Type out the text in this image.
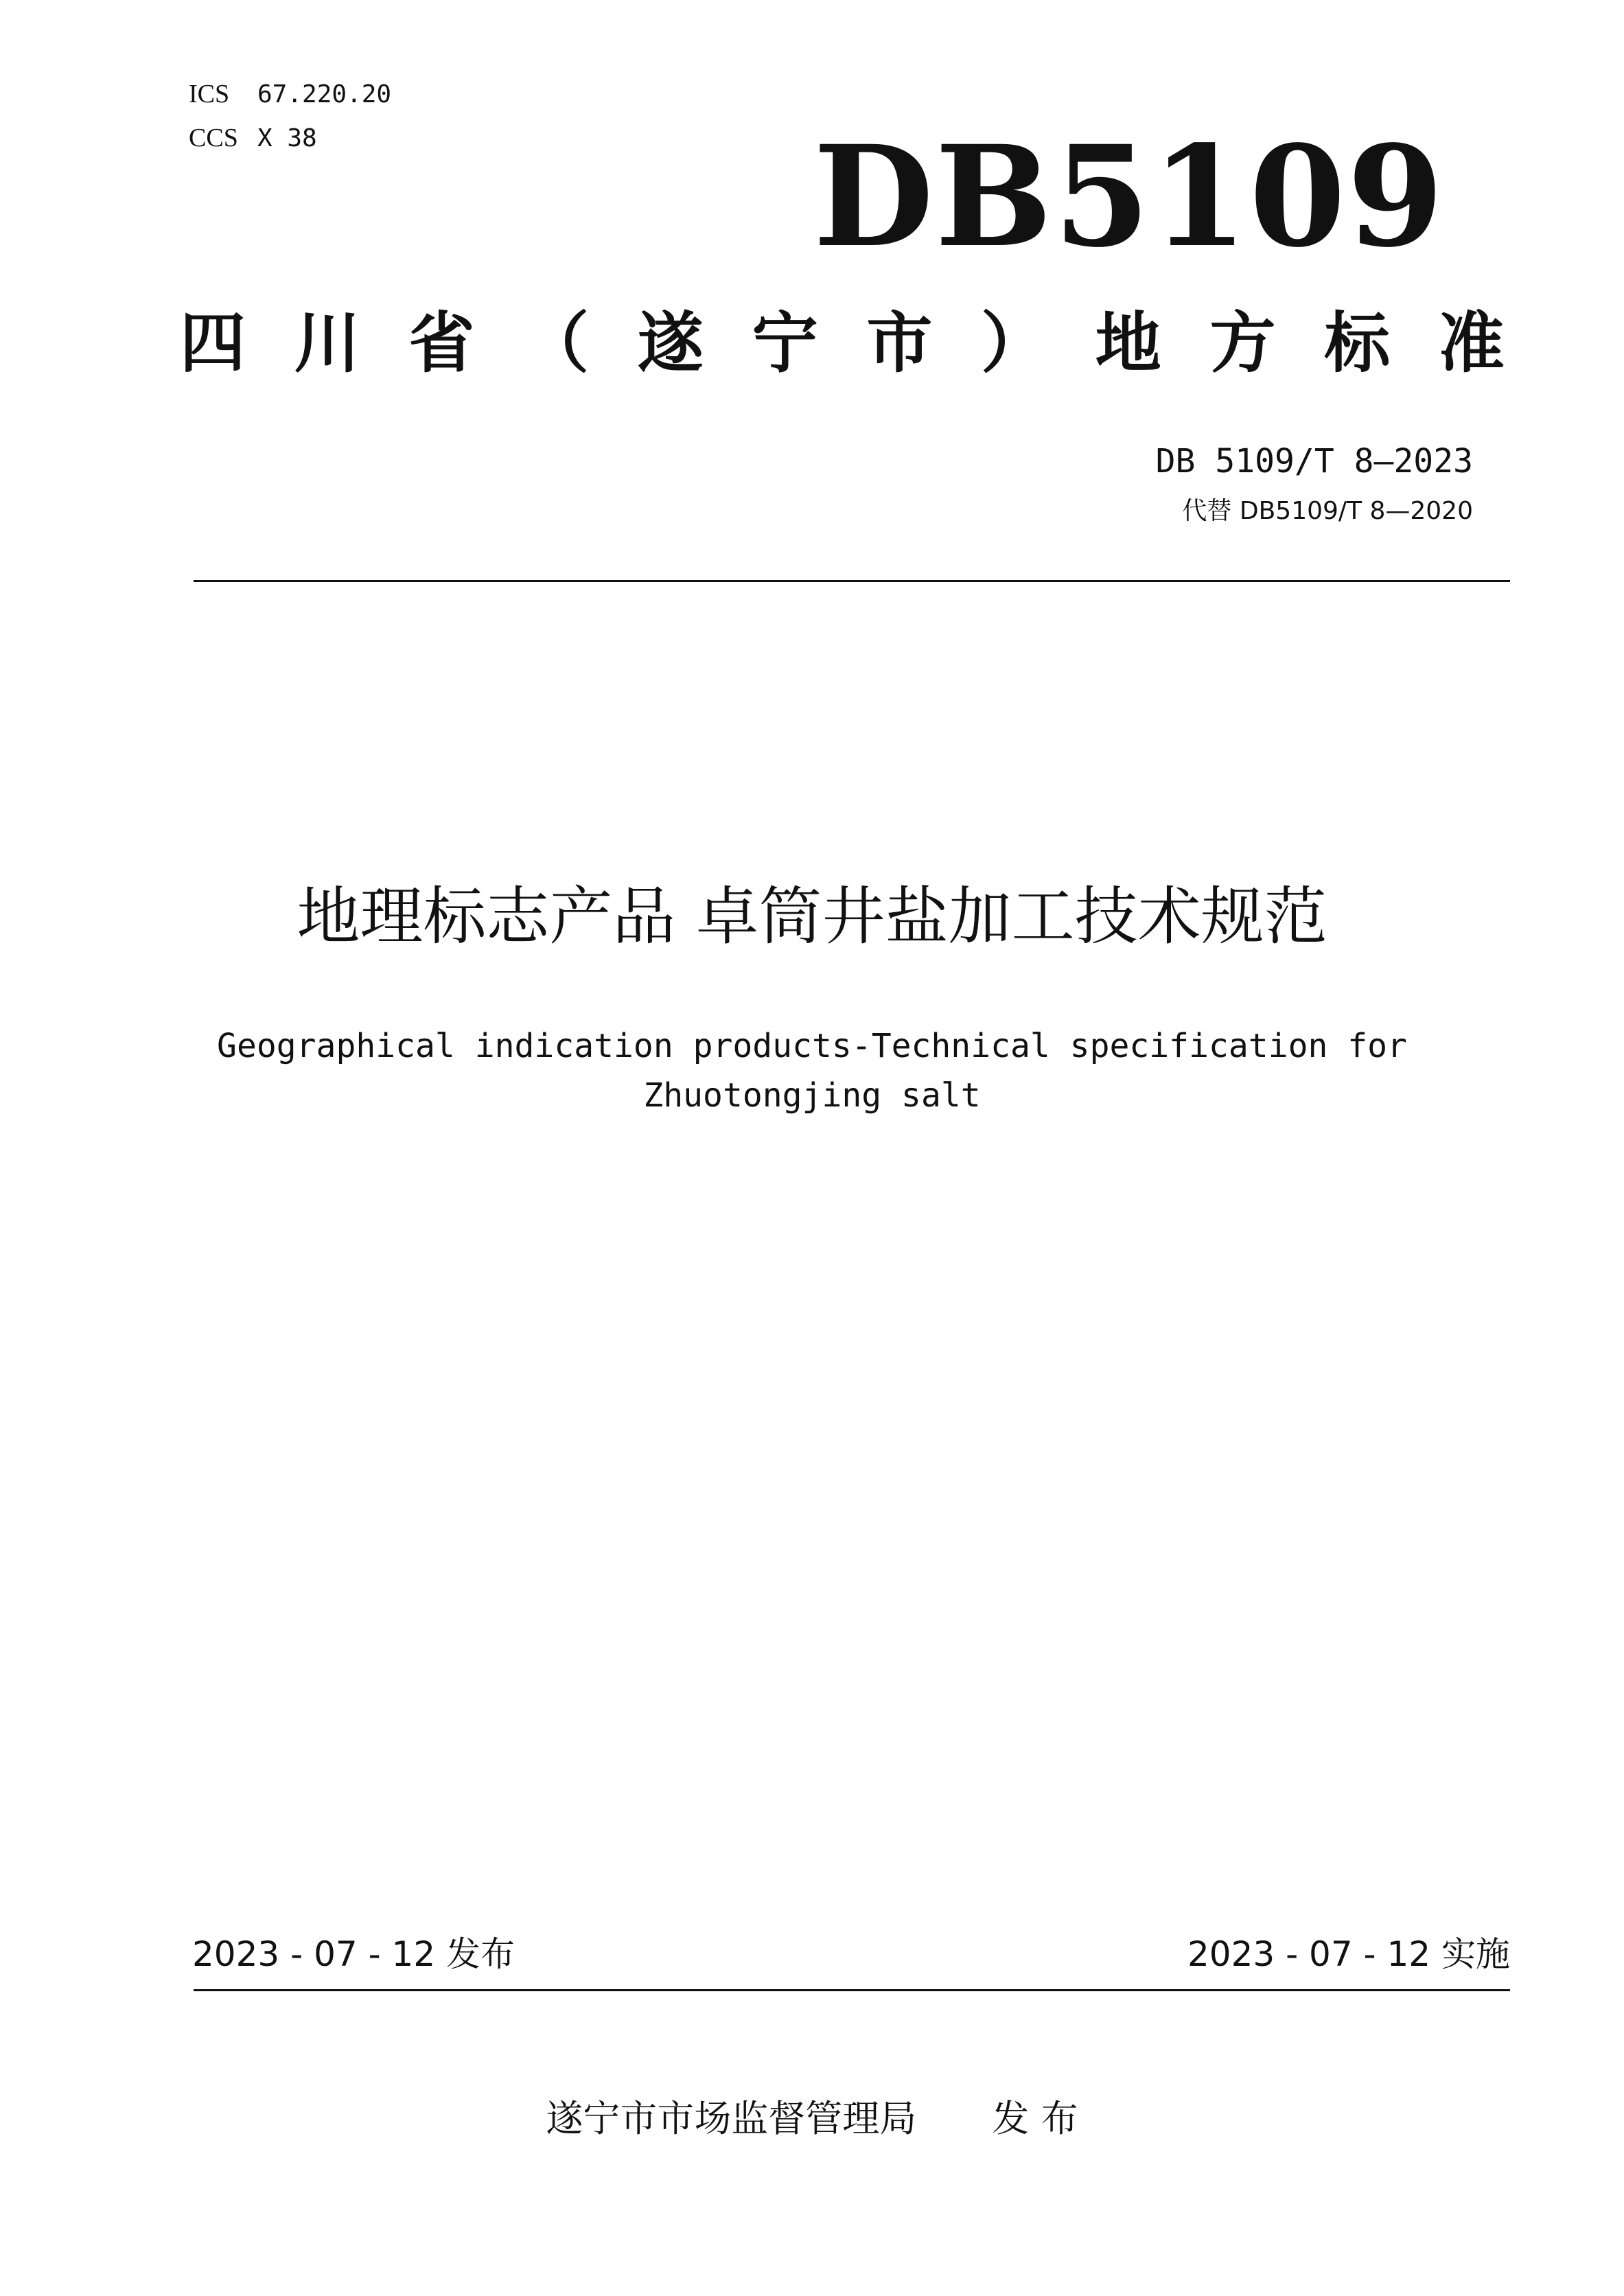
ICS 67.220.20
CCS X 38	DB5109
四 川 省 （ 遂 宁 市 ） 地 方 标 准
DB 5109/T 8—2023
代替 DB5109/T 8—2020
地理标志产品 卓筒井盐加工技术规范
Geographical indication products-Technical specification for
Zhuotongjing salt
2023 - 07 - 12 发布	2023 - 07 - 12 实施
遂宁市市场监督管理局 发 布
